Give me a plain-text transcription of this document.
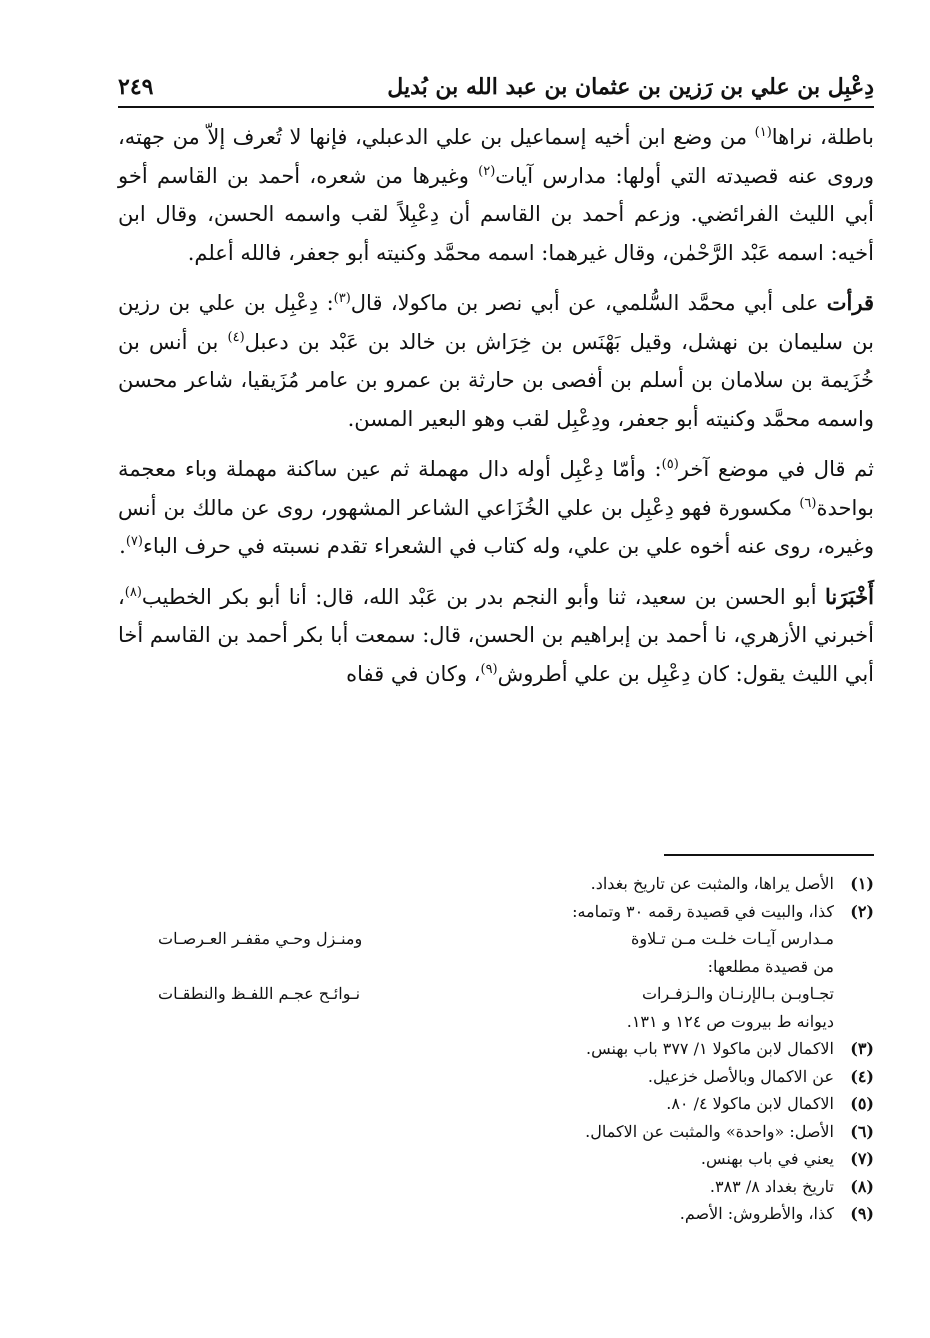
دِعْبِل بن علي بن رَزين بن عثمان بن عبد الله بن بُديل
٢٤٩

باطلة، نراها$^{(١)}$ من وضع ابن أخيه إسماعيل بن علي الدعبلي، فإنها لا تُعرف إلاّ من جهته، وروى عنه قصيدته التي أولها: مدارس آيات$^{(٢)}$ وغيرها من شعره، أحمد بن القاسم أخو أبي الليث الفرائضي. وزعم أحمد بن القاسم أن دِعْبِلاً لقب واسمه الحسن، وقال ابن أخيه: اسمه عَبْد الرَّحْمٰن، وقال غيرهما: اسمه محمَّد وكنيته أبو جعفر، فالله أعلم.

قرأت على أبي محمَّد السُّلمي، عن أبي نصر بن ماكولا، قال$^{(٣)}$: دِعْبِل بن علي بن رزين بن سليمان بن نهشل، وقيل بَهْنَس بن خِرَاش بن خالد بن عَبْد بن دعبل$^{(٤)}$ بن أنس بن خُزَيمة بن سلامان بن أسلم بن أفصى بن حارثة بن عمرو بن عامر مُزَيقيا، شاعر محسن واسمه محمَّد وكنيته أبو جعفر، ودِعْبِل لقب وهو البعير المسن.

ثم قال في موضع آخر$^{(٥)}$: وأمّا دِعْبِل أوله دال مهملة ثم عين ساكنة مهملة وباء معجمة بواحدة$^{(٦)}$ مكسورة فهو دِعْبِل بن علي الخُزَاعي الشاعر المشهور، روى عن مالك بن أنس وغيره، روى عنه أخوه علي بن علي، وله كتاب في الشعراء تقدم نسبته في حرف الباء$^{(٧)}$.

أَخْبَرَنا أبو الحسن بن سعيد، ثنا وأبو النجم بدر بن عَبْد الله، قال: أنا أبو بكر الخطيب$^{(٨)}$، أخبرني الأزهري، نا أحمد بن إبراهيم بن الحسن، قال: سمعت أبا بكر أحمد بن القاسم أخا أبي الليث يقول: كان دِعْبِل بن علي أطروش$^{(٩)}$، وكان في قفاه

(١)
الأصل يراها، والمثبت عن تاريخ بغداد.
(٢)
كذا، والبيت في قصيدة رقمه ٣٠ وتمامه:
مـدارس آيـات خلـت مـن تـلاوة
ومنـزل وحـي مقفـر العـرصـات
من قصيدة مطلعها:
تجـاوبـن بـالإرنـان والـزفـرات
نـوائـح عجـم اللفـظ والنطقـات
ديوانه ط بيروت ص ١٢٤ و ١٣١.
(٣)
الاكمال لابن ماكولا ١/ ٣٧٧ باب بهنس.
(٤)
عن الاكمال وبالأصل خزعيل.
(٥)
الاكمال لابن ماكولا ٤/ ٨٠.
(٦)
الأصل: «واحدة» والمثبت عن الاكمال.
(٧)
يعني في باب بهنس.
(٨)
تاريخ بغداد ٨/ ٣٨٣.
(٩)
كذا، والأطروش: الأصم.
